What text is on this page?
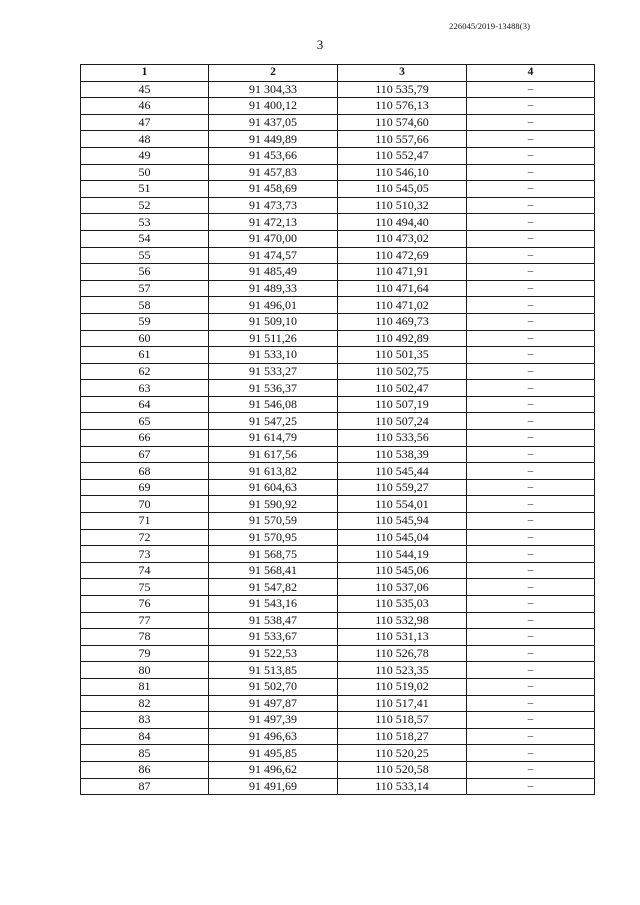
226045/2019-13488(3)
3
1	2	3	4
45	91 304,33	110 535,79	–
46	91 400,12	110 576,13	–
47	91 437,05	110 574,60	–
48	91 449,89	110 557,66	–
49	91 453,66	110 552,47	–
50	91 457,83	110 546,10	–
51	91 458,69	110 545,05	–
52	91 473,73	110 510,32	–
53	91 472,13	110 494,40	–
54	91 470,00	110 473,02	–
55	91 474,57	110 472,69	–
56	91 485,49	110 471,91	–
57	91 489,33	110 471,64	–
58	91 496,01	110 471,02	–
59	91 509,10	110 469,73	–
60	91 511,26	110 492,89	–
61	91 533,10	110 501,35	–
62	91 533,27	110 502,75	–
63	91 536,37	110 502,47	–
64	91 546,08	110 507,19	–
65	91 547,25	110 507,24	–
66	91 614,79	110 533,56	–
67	91 617,56	110 538,39	–
68	91 613,82	110 545,44	–
69	91 604,63	110 559,27	–
70	91 590,92	110 554,01	–
71	91 570,59	110 545,94	–
72	91 570,95	110 545,04	–
73	91 568,75	110 544,19	–
74	91 568,41	110 545,06	–
75	91 547,82	110 537,06	–
76	91 543,16	110 535,03	–
77	91 538,47	110 532,98	–
78	91 533,67	110 531,13	–
79	91 522,53	110 526,78	–
80	91 513,85	110 523,35	–
81	91 502,70	110 519,02	–
82	91 497,87	110 517,41	–
83	91 497,39	110 518,57	–
84	91 496,63	110 518,27	–
85	91 495,85	110 520,25	–
86	91 496,62	110 520,58	–
87	91 491,69	110 533,14	–
